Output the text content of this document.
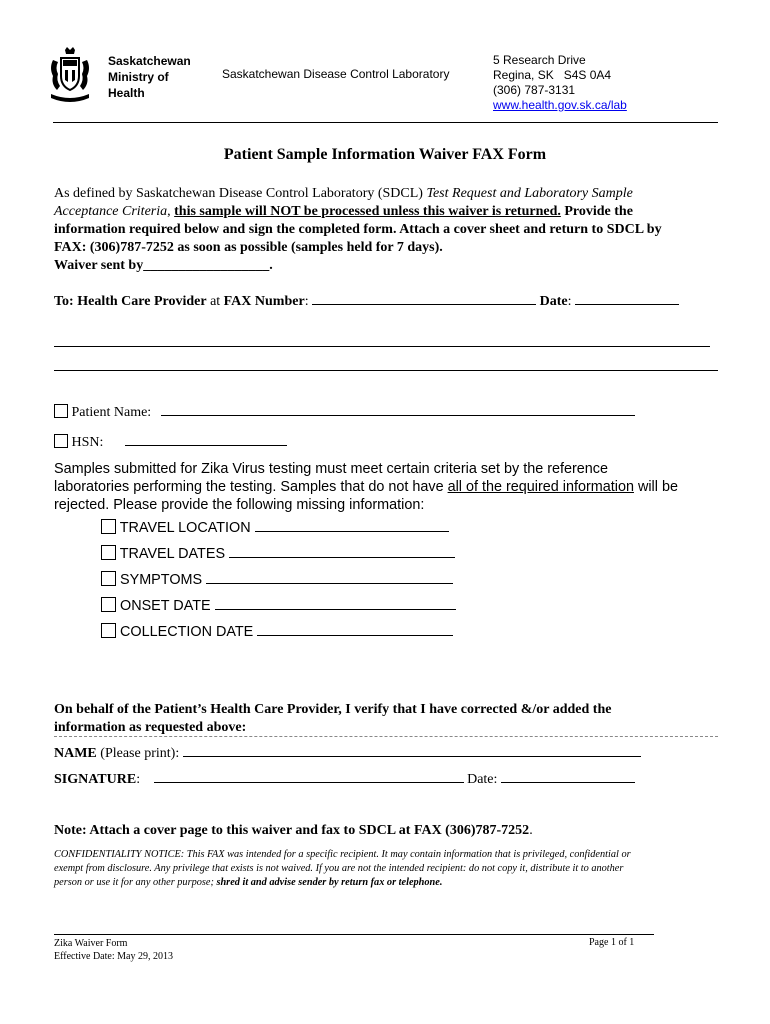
Saskatchewan
Ministry of
Health
Saskatchewan Disease Control Laboratory
5 Research Drive
Regina, SK   S4S 0A4
(306) 787-3131
www.health.gov.sk.ca/lab
Patient Sample Information Waiver FAX Form
As defined by Saskatchewan Disease Control Laboratory (SDCL) Test Request and Laboratory Sample
Acceptance Criteria, this sample will NOT be processed unless this waiver is returned. Provide the
information required below and sign the completed form. Attach a cover sheet and return to SDCL by
FAX: (306)787-7252 as soon as possible (samples held for 7 days).
Waiver sent by__________________.
To: Health Care Provider at FAX Number:	Date:
Patient Name:
HSN:
Samples submitted for Zika Virus testing must meet certain criteria set by the reference
laboratories performing the testing. Samples that do not have all of the required information will be
rejected. Please provide the following missing information:
TRAVEL LOCATION
TRAVEL DATES
SYMPTOMS
ONSET DATE
COLLECTION DATE
On behalf of the Patient’s Health Care Provider, I verify that I have corrected &/or added the
information as requested above:
NAME (Please print):
SIGNATURE:	Date:
Note: Attach a cover page to this waiver and fax to SDCL at FAX (306)787-7252.
CONFIDENTIALITY NOTICE: This FAX was intended for a specific recipient. It may contain information that is privileged, confidential or
exempt from disclosure. Any privilege that exists is not waived. If you are not the intended recipient: do not copy it, distribute it to another
person or use it for any other purpose; shred it and advise sender by return fax or telephone.
Zika Waiver Form
Effective Date: May 29, 2013
Page 1 of 1
